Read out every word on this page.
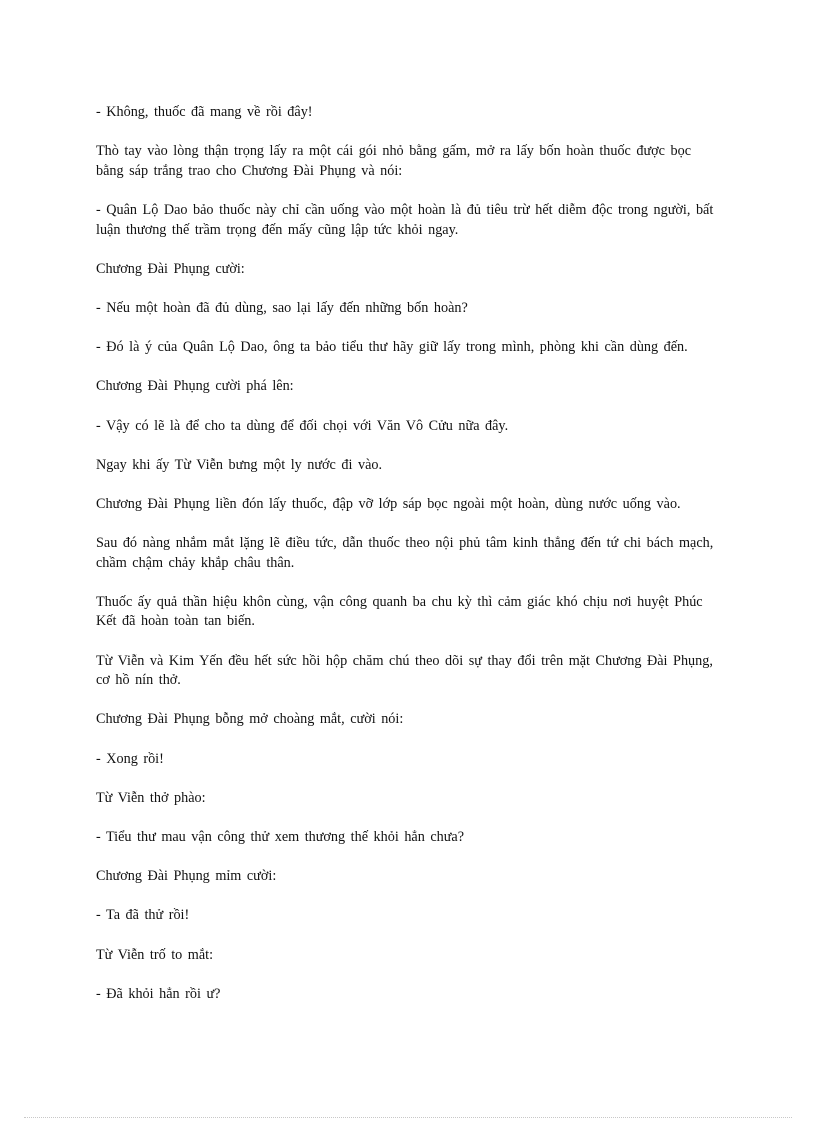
- Không, thuốc đã mang về rồi đây!

Thò tay vào lòng thận trọng lấy ra một cái gói nhỏ bằng gấm, mở ra lấy bốn hoàn thuốc được bọc bằng sáp trắng trao cho Chương Đài Phụng và nói:

- Quân Lộ Dao bảo thuốc này chỉ cần uống vào một hoàn là đủ tiêu trừ hết diễm độc trong người, bất luận thương thế trầm trọng đến mấy cũng lập tức khỏi ngay.

Chương Đài Phụng cười:

- Nếu một hoàn đã đủ dùng, sao lại lấy đến những bốn hoàn?

- Đó là ý của Quân Lộ Dao, ông ta bảo tiểu thư hãy giữ lấy trong mình, phòng khi cần dùng đến.

Chương Đài Phụng cười phá lên:

- Vậy có lẽ là để cho ta dùng để đối chọi với Văn Vô Cửu nữa đây.

Ngay khi ấy Từ Viễn bưng một ly nước đi vào.

Chương Đài Phụng liền đón lấy thuốc, đập vỡ lớp sáp bọc ngoài một hoàn, dùng nước uống vào.

Sau đó nàng nhắm mắt lặng lẽ điều tức, dẫn thuốc theo nội phủ tâm kinh thẳng đến tứ chi bách mạch, chầm chậm chảy khắp châu thân.

Thuốc ấy quả thần hiệu khôn cùng, vận công quanh ba chu kỳ thì cảm giác khó chịu nơi huyệt Phúc Kết đã hoàn toàn tan biến.

Từ Viễn và Kim Yến đều hết sức hồi hộp chăm chú theo dõi sự thay đổi trên mặt Chương Đài Phụng, cơ hồ nín thở.

Chương Đài Phụng bỗng mở choàng mắt, cười nói:

- Xong rồi!

Từ Viễn thở phào:

- Tiểu thư mau vận công thử xem thương thế khỏi hẳn chưa?

Chương Đài Phụng mỉm cười:

- Ta đã thử rồi!

Từ Viễn trố to mắt:

- Đã khỏi hẳn rồi ư?
